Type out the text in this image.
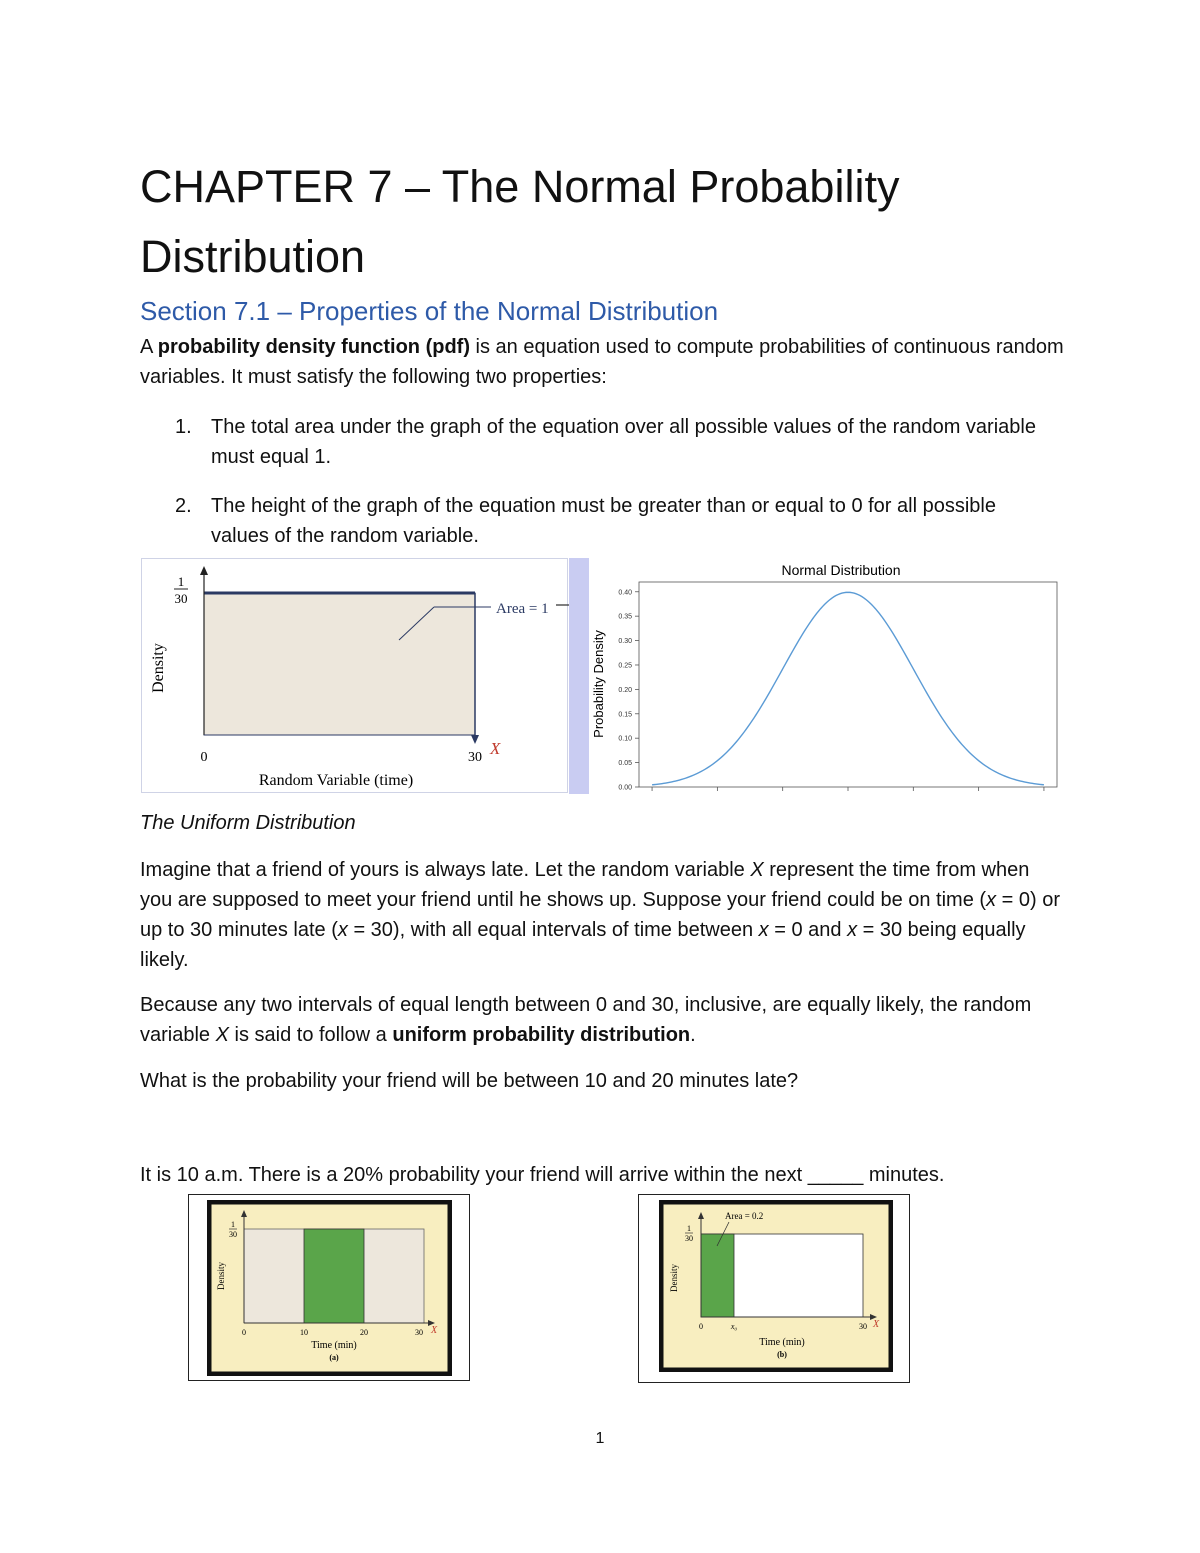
CHAPTER 7 – The Normal Probability Distribution
Section 7.1 – Properties of the Normal Distribution
A probability density function (pdf) is an equation used to compute probabilities of continuous random variables. It must satisfy the following two properties:
1. The total area under the graph of the equation over all possible values of the random variable must equal 1.
2. The height of the graph of the equation must be greater than or equal to 0 for all possible values of the random variable.
1
30
Density
0	30 X
Random Variable (time)
Area = 1
Normal Distribution
Probability Density
0.00
0.05
0.10
0.15
0.20
0.25
0.30
0.35
0.40
The Uniform Distribution
Imagine that a friend of yours is always late. Let the random variable X represent the time from when you are supposed to meet your friend until he shows up. Suppose your friend could be on time (x = 0) or up to 30 minutes late (x = 30), with all equal intervals of time between x = 0 and x = 30 being equally likely.
Because any two intervals of equal length between 0 and 30, inclusive, are equally likely, the random variable X is said to follow a uniform probability distribution.
What is the probability your friend will be between 10 and 20 minutes late?
It is 10 a.m. There is a 20% probability your friend will arrive within the next _____ minutes.
1
30
Density
0	10	20	30 X
Time (min)
(a)
1
30
Density
Area = 0.2
0	x₀	30 X
Time (min)
(b)
1
